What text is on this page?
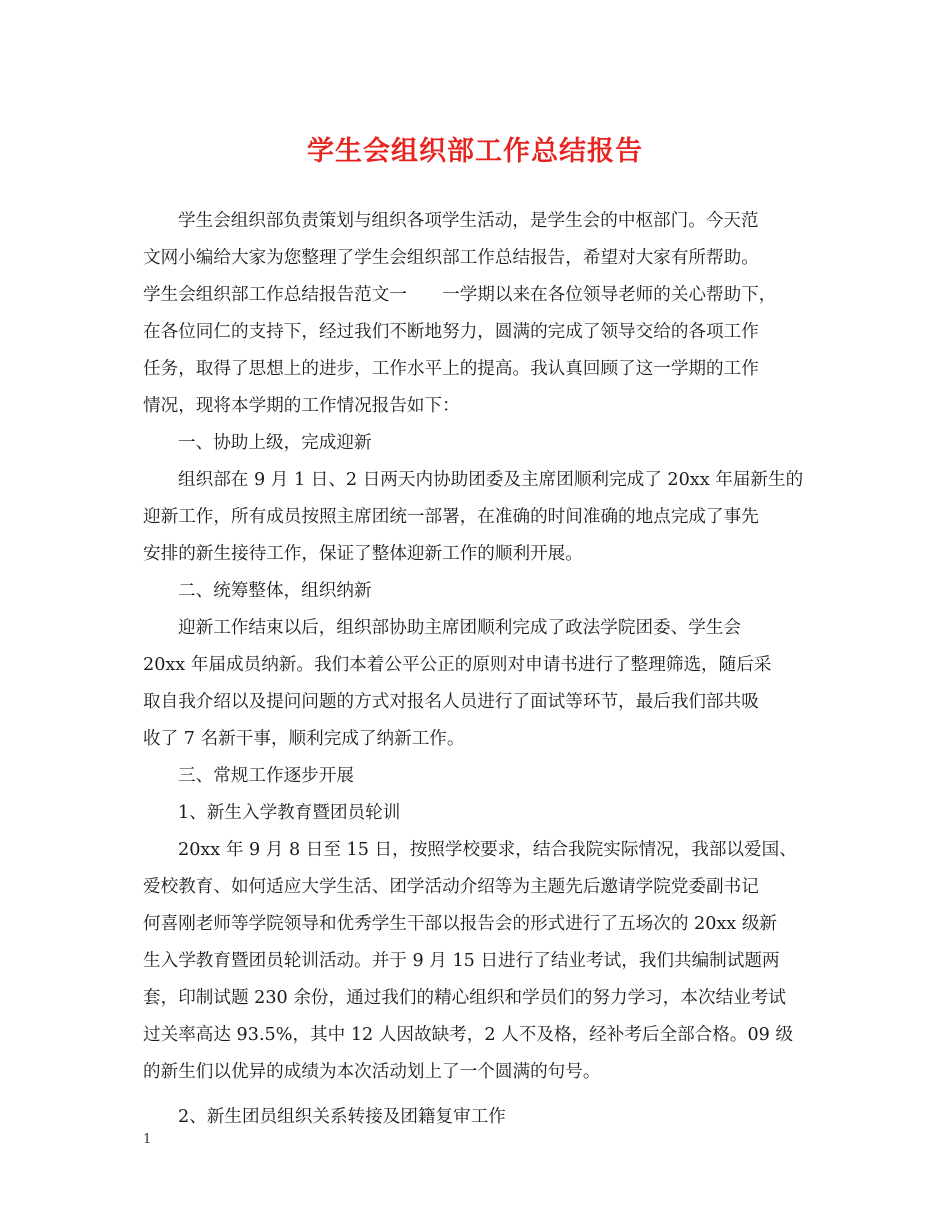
学生会组织部工作总结报告
学生会组织部负责策划与组织各项学生活动，是学生会的中枢部门。今天范
文网小编给大家为您整理了学生会组织部工作总结报告，希望对大家有所帮助。
学生会组织部工作总结报告范文一　　一学期以来在各位领导老师的关心帮助下，
在各位同仁的支持下，经过我们不断地努力，圆满的完成了领导交给的各项工作
任务，取得了思想上的进步，工作水平上的提高。我认真回顾了这一学期的工作
情况，现将本学期的工作情况报告如下：
一、协助上级，完成迎新
组织部在 9 月 1 日、2 日两天内协助团委及主席团顺利完成了 20xx 年届新生的
迎新工作，所有成员按照主席团统一部署，在准确的时间准确的地点完成了事先
安排的新生接待工作，保证了整体迎新工作的顺利开展。
二、统筹整体，组织纳新
迎新工作结束以后，组织部协助主席团顺利完成了政法学院团委、学生会
20xx 年届成员纳新。我们本着公平公正的原则对申请书进行了整理筛选，随后采
取自我介绍以及提问问题的方式对报名人员进行了面试等环节，最后我们部共吸
收了 7 名新干事，顺利完成了纳新工作。
三、常规工作逐步开展
1、新生入学教育暨团员轮训
20xx 年 9 月 8 日至 15 日，按照学校要求，结合我院实际情况，我部以爱国、
爱校教育、如何适应大学生活、团学活动介绍等为主题先后邀请学院党委副书记
何喜刚老师等学院领导和优秀学生干部以报告会的形式进行了五场次的 20xx 级新
生入学教育暨团员轮训活动。并于 9 月 15 日进行了结业考试，我们共编制试题两
套，印制试题 230 余份，通过我们的精心组织和学员们的努力学习，本次结业考试
过关率高达 93.5%，其中 12 人因故缺考，2 人不及格，经补考后全部合格。09 级
的新生们以优异的成绩为本次活动划上了一个圆满的句号。
2、新生团员组织关系转接及团籍复审工作
1
